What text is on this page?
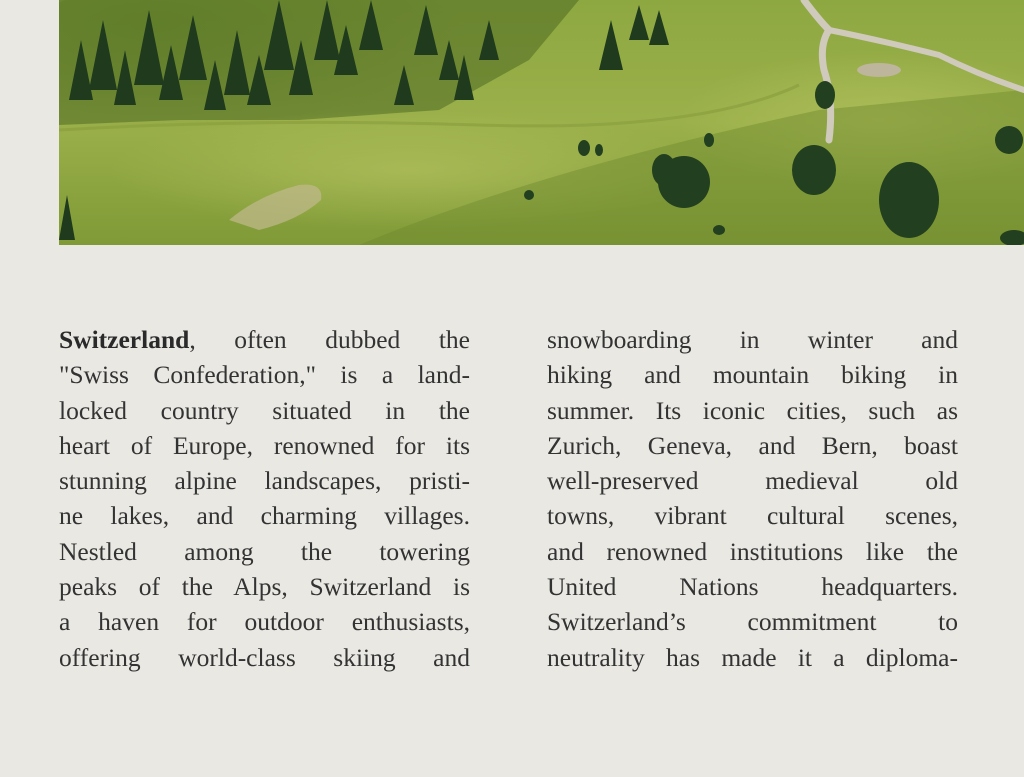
Switzerland, often dubbed the
"Swiss Confederation," is a land-
locked country situated in the
heart of Europe, renowned for its
stunning alpine landscapes, pristi-
ne lakes, and charming villages.
Nestled among the towering
peaks of the Alps, Switzerland is
a haven for outdoor enthusiasts,
offering world-class skiing and
snowboarding in winter and
hiking and mountain biking in
summer. Its iconic cities, such as
Zurich, Geneva, and Bern, boast
well-preserved medieval old
towns, vibrant cultural scenes,
and renowned institutions like the
United Nations headquarters.
Switzerland’s commitment to
neutrality has made it a diploma-
